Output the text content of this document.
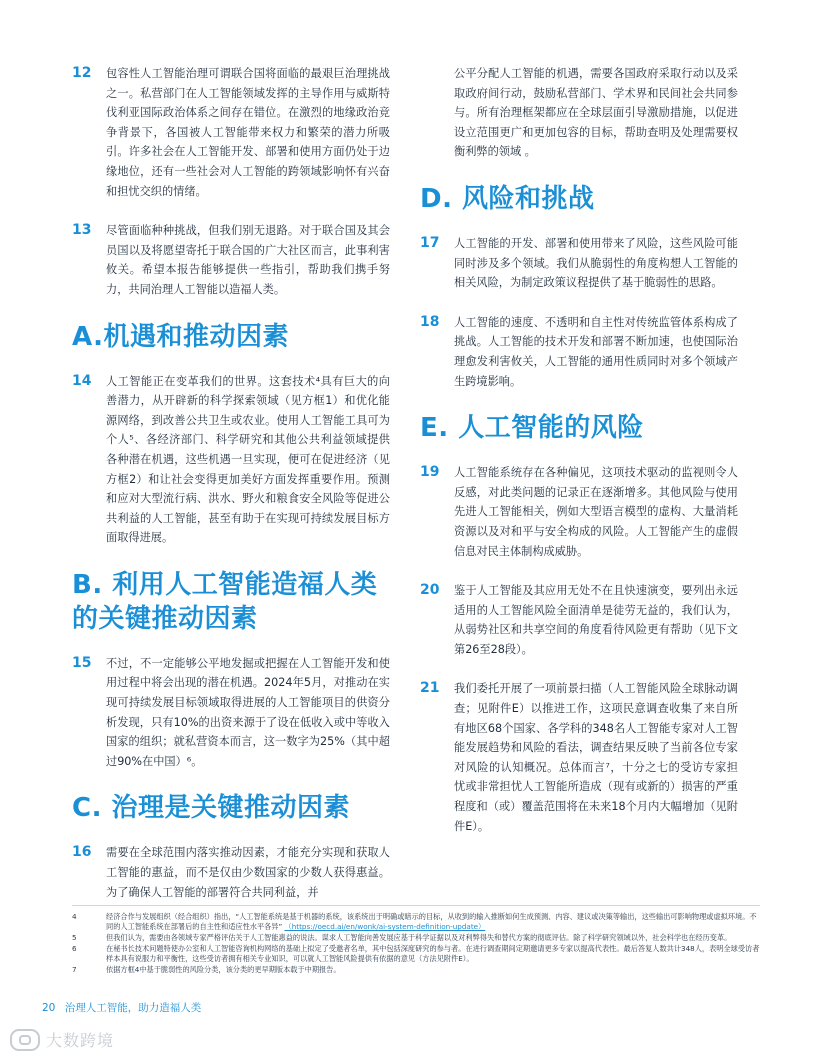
12	包容性人工智能治理可谓联合国将面临的最艰巨治理挑战之一。私营部门在人工智能领域发挥的主导作用与威斯特伐利亚国际政治体系之间存在错位。在激烈的地缘政治竞争背景下，各国被人工智能带来权力和繁荣的潜力所吸引。许多社会在人工智能开发、部署和使用方面仍处于边缘地位，还有一些社会对人工智能的跨领域影响怀有兴奋和担忧交织的情绪。
13	尽管面临种种挑战，但我们别无退路。对于联合国及其会员国以及将愿望寄托于联合国的广大社区而言，此事利害攸关。希望本报告能够提供一些指引，帮助我们携手努力，共同治理人工智能以造福人类。
A.机遇和推动因素
14	人工智能正在变革我们的世界。这套技术⁴具有巨大的向善潜力，从开辟新的科学探索领域（见方框1）和优化能源网络，到改善公共卫生或农业。使用人工智能工具可为个人⁵、各经济部门、科学研究和其他公共利益领域提供各种潜在机遇，这些机遇一旦实现，便可在促进经济（见方框2）和让社会变得更加美好方面发挥重要作用。预测和应对大型流行病、洪水、野火和粮食安全风险等促进公共利益的人工智能，甚至有助于在实现可持续发展目标方面取得进展。
B. 利用人工智能造福人类的关键推动因素
15	不过，不一定能够公平地发掘或把握在人工智能开发和使用过程中将会出现的潜在机遇。2024年5月，对推动在实现可持续发展目标领域取得进展的人工智能项目的供资分析发现，只有10%的出资来源于了设在低收入或中等收入国家的组织；就私营资本而言，这一数字为25%（其中超过90%在中国）⁶。
C. 治理是关键推动因素
16	需要在全球范围内落实推动因素，才能充分实现和获取人工智能的惠益，而不是仅由少数国家的少数人获得惠益。为了确保人工智能的部署符合共同利益，并
公平分配人工智能的机遇，需要各国政府采取行动以及采取政府间行动，鼓励私营部门、学术界和民间社会共同参与。所有治理框架都应在全球层面引导激励措施，以促进设立范围更广和更加包容的目标，帮助查明及处理需要权衡利弊的领域 。
D. 风险和挑战
17	人工智能的开发、部署和使用带来了风险，这些风险可能同时涉及多个领域。我们从脆弱性的角度构想人工智能的相关风险，为制定政策议程提供了基于脆弱性的思路。
18	人工智能的速度、不透明和自主性对传统监管体系构成了挑战。人工智能的技术开发和部署不断加速，也使国际治理愈发利害攸关，人工智能的通用性质同时对多个领域产生跨境影响。
E. 人工智能的风险
19	人工智能系统存在各种偏见，这项技术驱动的监视则令人反感，对此类问题的记录正在逐渐增多。其他风险与使用先进人工智能相关，例如大型语言模型的虚构、大量消耗资源以及对和平与安全构成的风险。人工智能产生的虚假信息对民主体制构成威胁。
20	鉴于人工智能及其应用无处不在且快速演变，要列出永远适用的人工智能风险全面清单是徒劳无益的，我们认为，从弱势社区和共享空间的角度看待风险更有帮助（见下文第26至28段）。
21	我们委托开展了一项前景扫描（人工智能风险全球脉动调查；见附件E）以推进工作，这项民意调查收集了来自所有地区68个国家、各学科的348名人工智能专家对人工智能发展趋势和风险的看法，调查结果反映了当前各位专家对风险的认知概况。总体而言⁷，十分之七的受访专家担忧或非常担忧人工智能所造成（现有或新的）损害的严重程度和（或）覆盖范围将在未来18个月内大幅增加（见附件E）。
4	经济合作与发展组织（经合组织）指出，“人工智能系统是基于机器的系统，该系统出于明确或暗示的目标，从收到的输入推断如何生成预测、内容、建议或决策等输出，这些输出可影响物理或虚拟环境。不同的人工智能系统在部署后的自主性和适应性水平各异” （https://oecd.ai/en/wonk/ai-system-definition-update）
5	但我们认为，需要由各领域专家严格评估关于人工智能惠益的说法。谋求人工智能向善发展应基于科学证据以及对利弊得失和替代方案的彻底评估。除了科学研究领域以外，社会科学也在经历变革。
6	在秘书长技术问题特使办公室和人工智能咨询机构网络的基础上拟定了受邀者名单，其中包括深度研究的参与者。在进行调查期间定期邀请更多专家以提高代表性。最后答复人数共计348人，表明全球受访者样本具有说服力和平衡性，这些受访者拥有相关专业知识，可以就人工智能风险提供有依据的意见（方法见附件E）。
7	依据方框4中基于脆弱性的风险分类，该分类的更早期版本载于中期报告。
20 治理人工智能，助力造福人类
大数跨境
